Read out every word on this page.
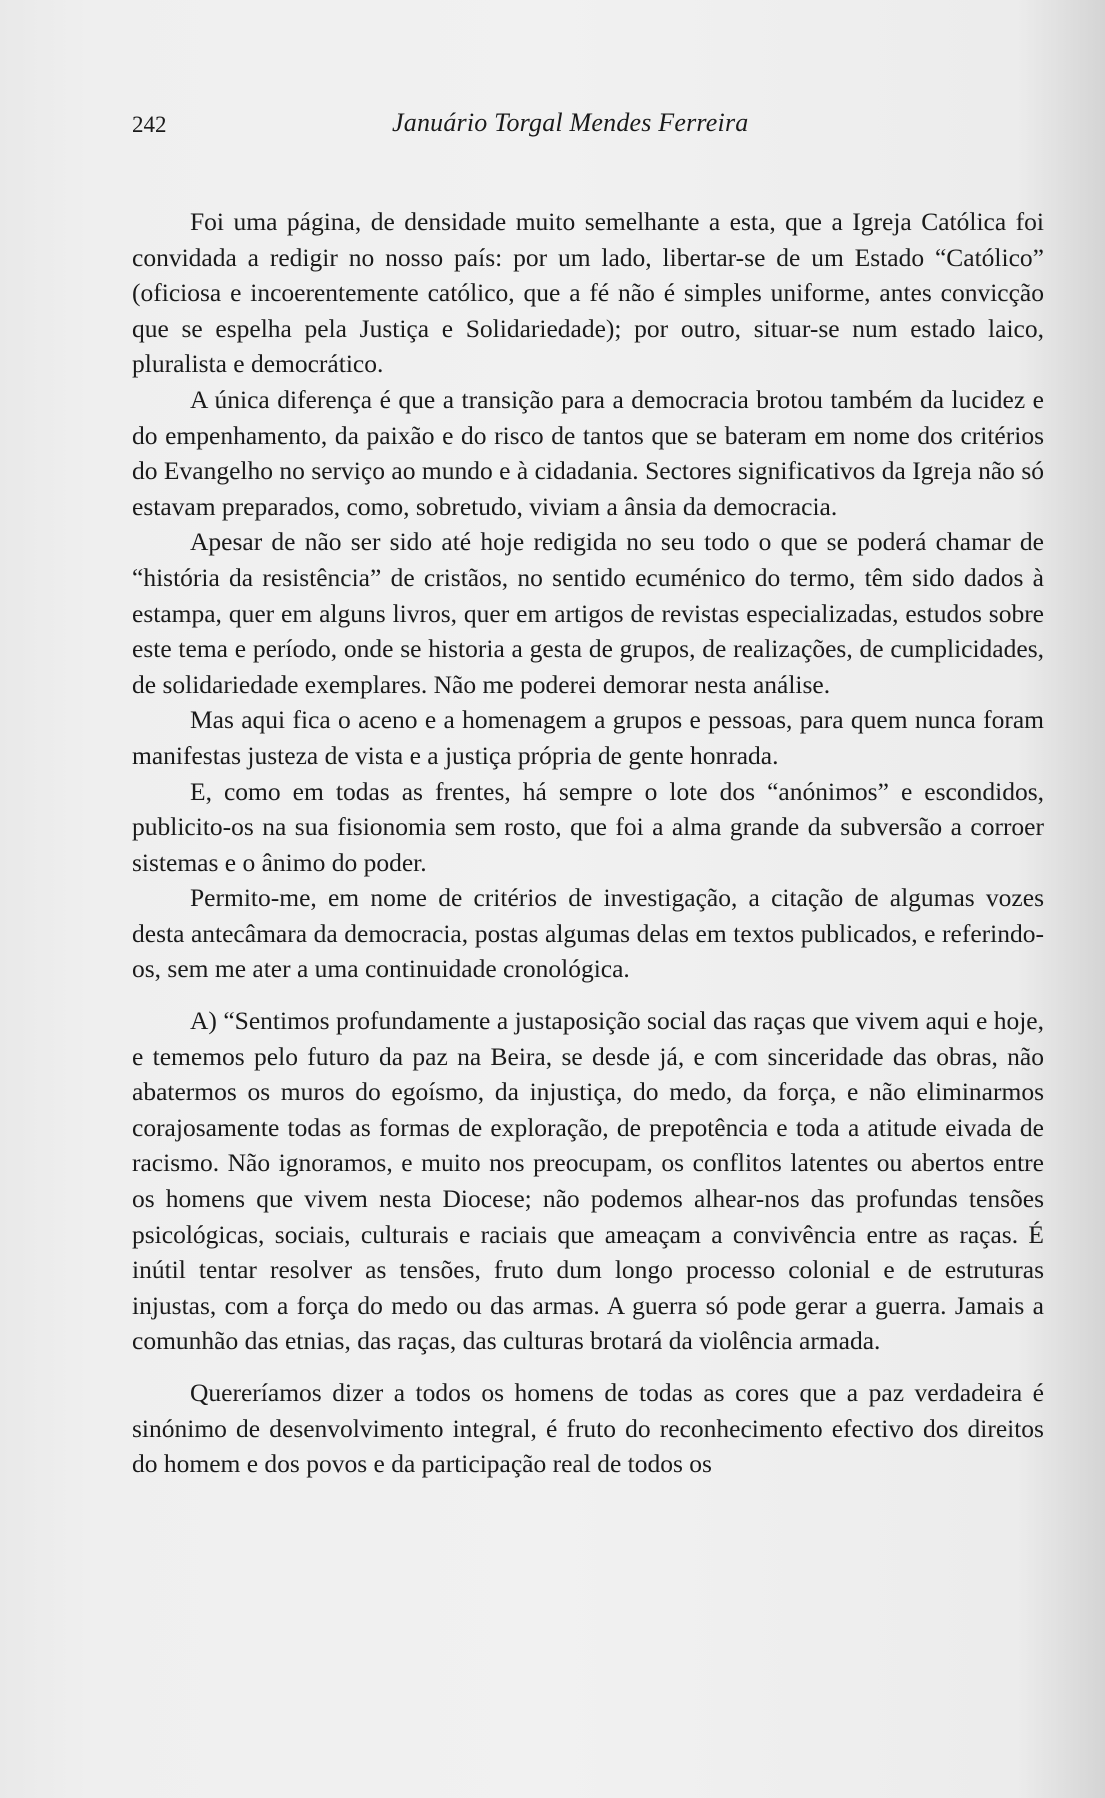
242	Januário Torgal Mendes Ferreira

Foi uma página, de densidade muito semelhante a esta, que a Igreja Católica foi convidada a redigir no nosso país: por um lado, libertar-se de um Estado “Católico” (oficiosa e incoerentemente católico, que a fé não é simples uniforme, antes convicção que se espelha pela Justiça e Solidariedade); por outro, situar-se num estado laico, pluralista e democrático.

A única diferença é que a transição para a democracia brotou também da lucidez e do empenhamento, da paixão e do risco de tantos que se bateram em nome dos critérios do Evangelho no serviço ao mundo e à cidadania. Sectores significativos da Igreja não só estavam preparados, como, sobretudo, viviam a ânsia da democracia.

Apesar de não ser sido até hoje redigida no seu todo o que se poderá chamar de “história da resistência” de cristãos, no sentido ecuménico do termo, têm sido dados à estampa, quer em alguns livros, quer em artigos de revistas especializadas, estudos sobre este tema e período, onde se historia a gesta de grupos, de realizações, de cumplicidades, de solidariedade exemplares. Não me poderei demorar nesta análise.

Mas aqui fica o aceno e a homenagem a grupos e pessoas, para quem nunca foram manifestas justeza de vista e a justiça própria de gente honrada.

E, como em todas as frentes, há sempre o lote dos “anónimos” e escondidos, publicito-os na sua fisionomia sem rosto, que foi a alma grande da subversão a corroer sistemas e o ânimo do poder.

Permito-me, em nome de critérios de investigação, a citação de algumas vozes desta antecâmara da democracia, postas algumas delas em textos publicados, e referindo-os, sem me ater a uma continuidade cronológica.

A) “Sentimos profundamente a justaposição social das raças que vivem aqui e hoje, e tememos pelo futuro da paz na Beira, se desde já, e com sinceridade das obras, não abatermos os muros do egoísmo, da injustiça, do medo, da força, e não eliminarmos corajosamente todas as formas de exploração, de prepotência e toda a atitude eivada de racismo. Não ignoramos, e muito nos preocupam, os conflitos latentes ou abertos entre os homens que vivem nesta Diocese; não podemos alhear-nos das profundas tensões psicológicas, sociais, culturais e raciais que ameaçam a convivência entre as raças. É inútil tentar resolver as tensões, fruto dum longo processo colonial e de estruturas injustas, com a força do medo ou das armas. A guerra só pode gerar a guerra. Jamais a comunhão das etnias, das raças, das culturas brotará da violência armada.

Quereríamos dizer a todos os homens de todas as cores que a paz verdadeira é sinónimo de desenvolvimento integral, é fruto do reconhecimento efectivo dos direitos do homem e dos povos e da participação real de todos os
